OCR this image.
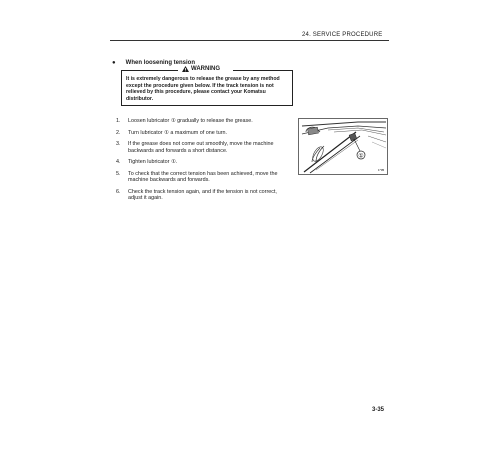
24. SERVICE PROCEDURE
● When loosening tension
WARNING
It is extremely dangerous to release the grease by any method except the procedure given below. If the track tension is not relieved by this procedure, please contact your Komatsu distributor.
1.	Loosen lubricator ① gradually to release the grease.
2.	Turn lubricator ① a maximum of one turn.
3.	If the grease does not come out smoothly, move the machine backwards and forwards a short distance.
4.	Tighten lubricator ①.
5.	To check that the correct tension has been achieved, move the machine backwards and forwards.
6.	Check the track tension again, and if the tension is not correct, adjust it again.
①
1*05
3-35
